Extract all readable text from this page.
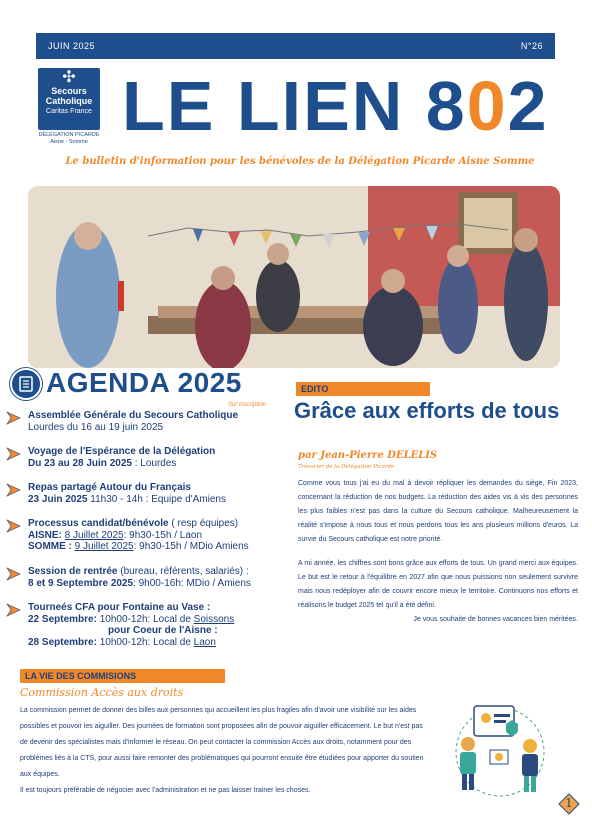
JUIN 2025	N°26
✣
Secours
Catholique
Caritas France
DÉLÉGATION PICARDE
Aisne - Somme LE LIEN 802
Le bulletin d'information pour les bénévoles de la Délégation Picarde Aisne Somme
AGENDA 2025
Sur inscription
Assemblée Générale du Secours Catholique
Lourdes du 16 au 19 juin 2025
Voyage de l'Espérance de la Délégation
Du 23 au 28 Juin 2025 : Lourdes
Repas partagé Autour du Français
23 Juin 2025 11h30 - 14h : Equipe d'Amiens
Processus candidat/bénévole ( resp équipes)
AISNE: 8 Juillet 2025: 9h30-15h / Laon
SOMME : 9 Juillet 2025: 9h30-15h / MDio Amiens
Session de rentrée (bureau, référents, salariés) :
8 et 9 Septembre 2025: 9h00-16h: MDio / Amiens
Tourneés CFA pour Fontaine au Vase :
22 Septembre: 10h00-12h: Local de Soissons
pour Coeur de l'Aisne :
28 Septembre: 10h00-12h: Local de Laon
EDITO
Grâce aux efforts de tous
par Jean-Pierre DELELIS
Trésorier de la Délégation Picarde

Comme vous tous j'ai eu du mal à devoir répliquer les demandes du siège, Fin 2023, concernant la réduction de nos budgets. La réduction des aides vis à vis des personnes les plus faibles n'est pas dans la culture du Secours catholique. Malheureusement la réalité s'impose à nous tous et nous perdons tous les ans plusieurs millions d'euros. La survie du Secours catholique est notre priorité.

A mi année, les chiffres sont bons grâce aux efforts de tous. Un grand merci aux équipes. Le but est le retour à l'équilibre en 2027 afin que nous puissions non seulement survivre mais nous redéployer afin de couvrir encore mieux le territoire. Continuons nos efforts et réalisons le budget 2025 tel qu'il a été défini.

Je vous souhaite de bonnes vacances bien méritées.

LA VIE DES COMMISIONS
Commission Accès aux droits

La commission permet de donner des billes aux personnes qui accueillent les plus fragiles afin d'avoir une visibilité sur les aides possibles et pouvoir les aiguiller. Des journées de formation sont proposées afin de pouvoir aiguiller efficacement. Le but n'est pas de devenir des spécialistes mais d'informer le réseau. On peut contacter la commission Accès aux droits, notamment pour des problèmes liés à la CTS, pour aussi faire remonter des problématiques qui pourront ensuite être étudiées pour apporter du soutien aux équipes.

Il est toujours préférable de négocier avec l'administration et ne pas laisser trainer les choses.

1
